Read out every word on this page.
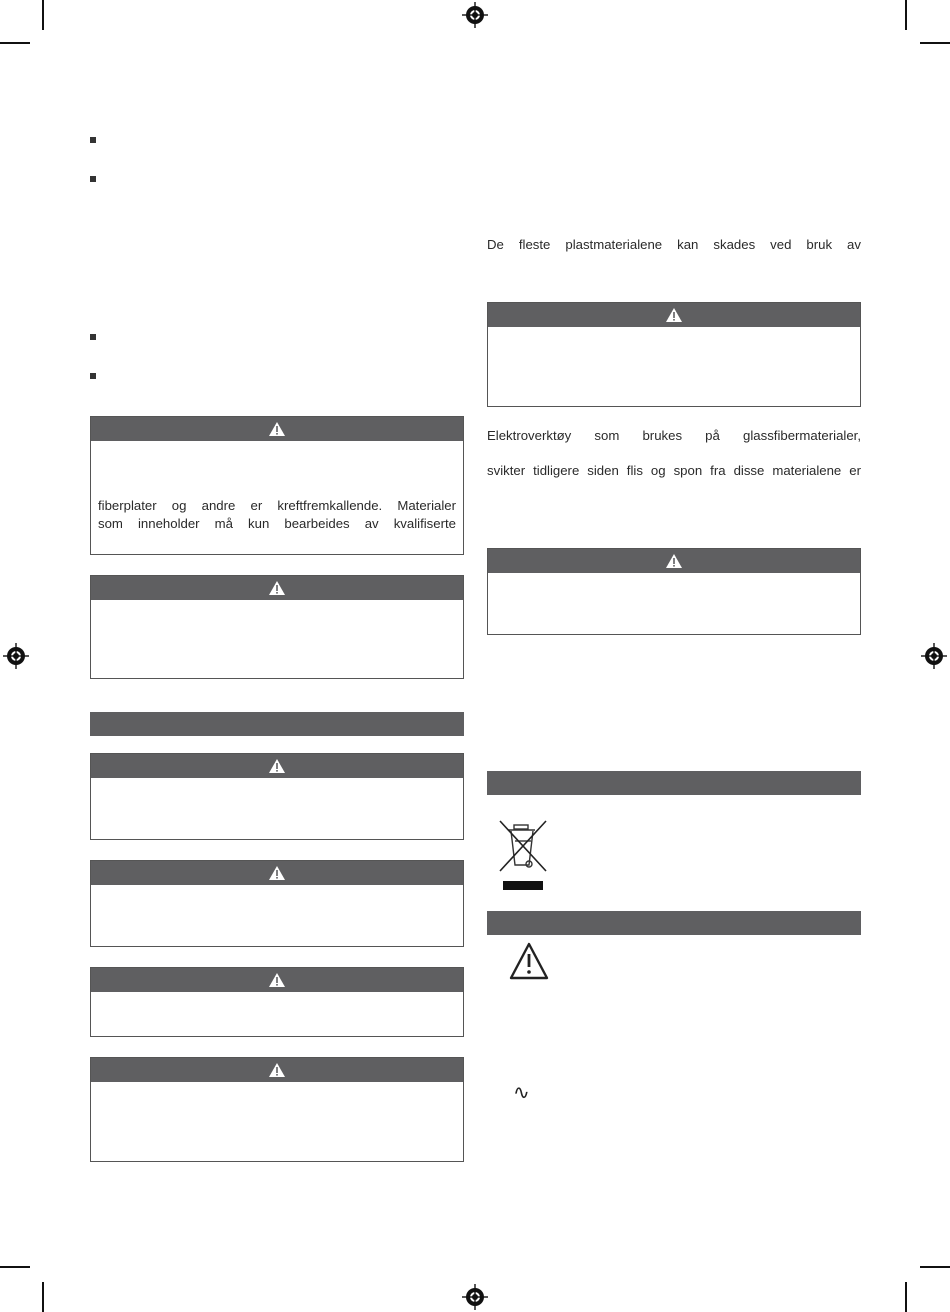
fiberplater og andre er kreftfremkallende. Materialer
som inneholder må kun bearbeides av kvalifiserte
De fleste plastmaterialene kan skades ved bruk av
Elektroverktøy som brukes på glassfibermaterialer,
svikter tidligere siden flis og spon fra disse materialene er
∿
